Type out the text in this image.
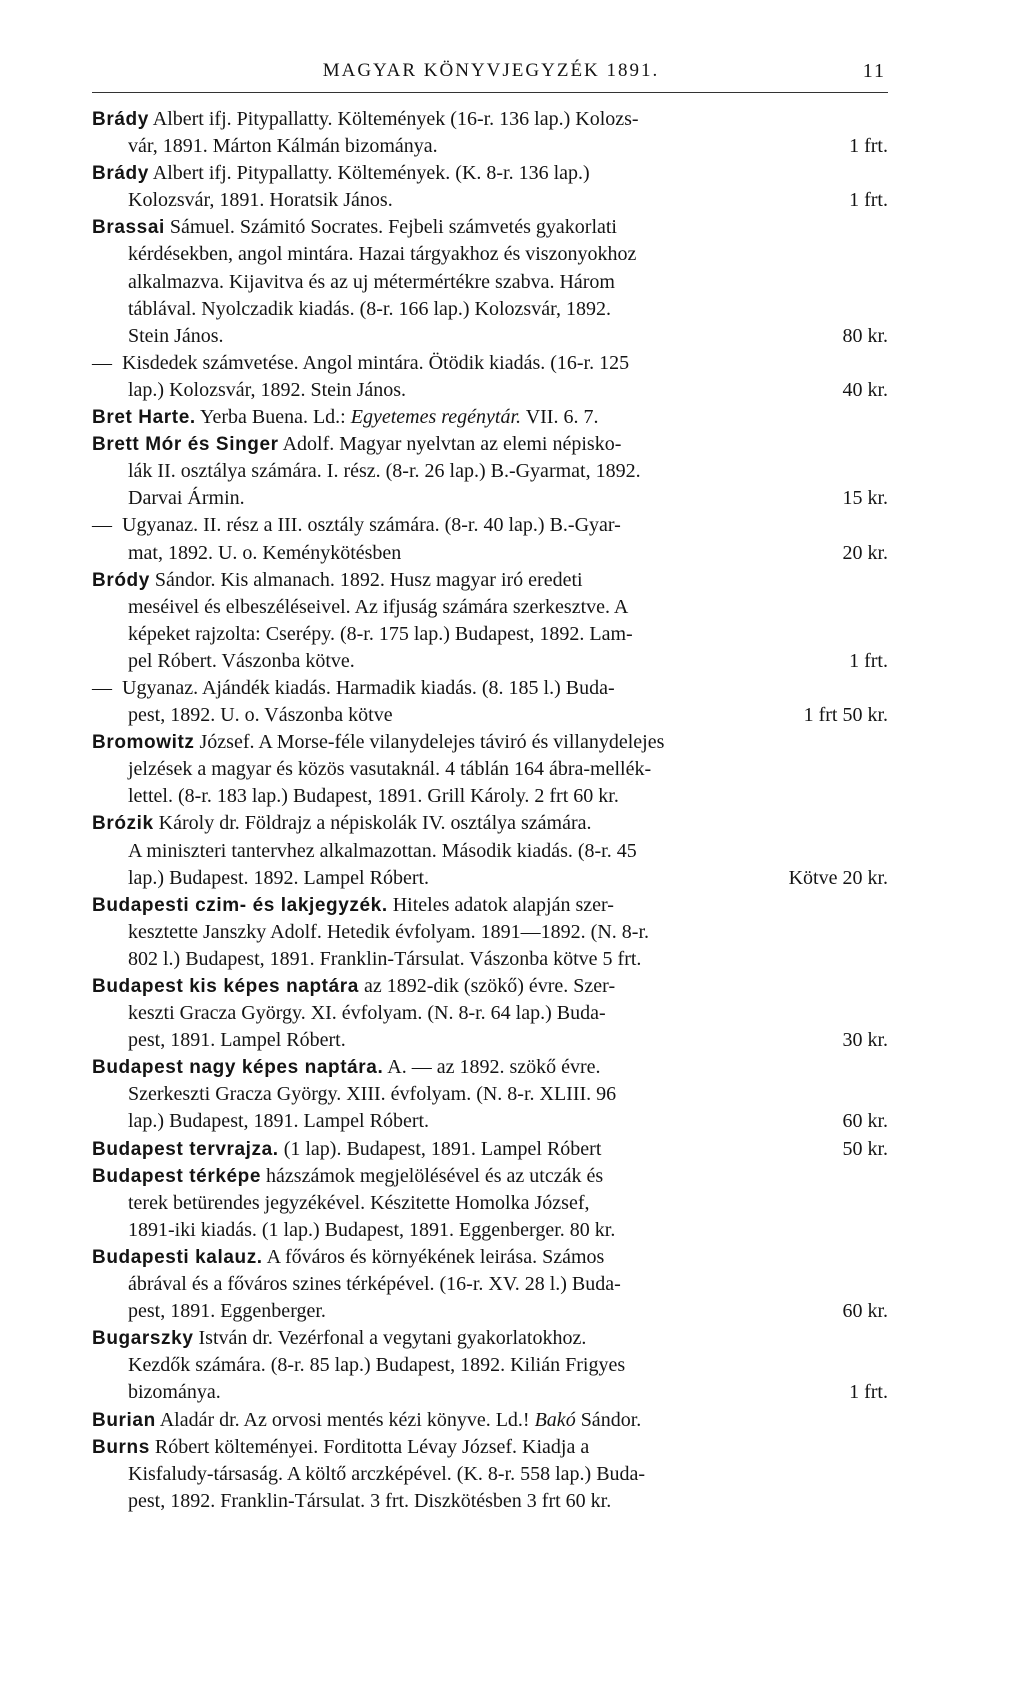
MAGYAR KÖNYVJEGYZÉK 1891.	11
Brády Albert ifj. Pitypallatty. Költemények (16-r. 136 lap.) Kolozs-
vár, 1891. Márton Kálmán bizománya.	1 frt.
Brády Albert ifj. Pitypallatty. Költemények. (K. 8-r. 136 lap.)
Kolozsvár, 1891. Horatsik János.	1 frt.
Brassai Sámuel. Számitó Socrates. Fejbeli számvetés gyakorlati
kérdésekben, angol mintára. Hazai tárgyakhoz és viszonyokhoz
alkalmazva. Kijavitva és az uj métermértékre szabva. Három
táblával. Nyolczadik kiadás. (8-r. 166 lap.) Kolozsvár, 1892.
Stein János.	80 kr.
— Kisdedek számvetése. Angol mintára. Ötödik kiadás. (16-r. 125
lap.) Kolozsvár, 1892. Stein János.	40 kr.
Bret Harte. Yerba Buena. Ld.: Egyetemes regénytár. VII. 6. 7.
Brett Mór és Singer Adolf. Magyar nyelvtan az elemi népisko-
lák II. osztálya számára. I. rész. (8-r. 26 lap.) B.-Gyarmat, 1892.
Darvai Ármin.	15 kr.
— Ugyanaz. II. rész a III. osztály számára. (8-r. 40 lap.) B.-Gyar-
mat, 1892. U. o. Keménykötésben	20 kr.
Bródy Sándor. Kis almanach. 1892. Husz magyar iró eredeti
meséivel és elbeszéléseivel. Az ifjuság számára szerkesztve. A
képeket rajzolta: Cserépy. (8-r. 175 lap.) Budapest, 1892. Lam-
pel Róbert. Vászonba kötve.	1 frt.
— Ugyanaz. Ajándék kiadás. Harmadik kiadás. (8. 185 l.) Buda-
pest, 1892. U. o. Vászonba kötve	1 frt 50 kr.
Bromowitz József. A Morse-féle vilanydelejes táviró és villanydelejes
jelzések a magyar és közös vasutaknál. 4 táblán 164 ábra-mellék-
lettel. (8-r. 183 lap.) Budapest, 1891. Grill Károly. 2 frt 60 kr.
Brózik Károly dr. Földrajz a népiskolák IV. osztálya számára.
A miniszteri tantervhez alkalmazottan. Második kiadás. (8-r. 45
lap.) Budapest. 1892. Lampel Róbert.	Kötve 20 kr.
Budapesti czim- és lakjegyzék. Hiteles adatok alapján szer-
kesztette Janszky Adolf. Hetedik évfolyam. 1891—1892. (N. 8-r.
802 l.) Budapest, 1891. Franklin-Társulat. Vászonba kötve 5 frt.
Budapest kis képes naptára az 1892-dik (szökő) évre. Szer-
keszti Gracza György. XI. évfolyam. (N. 8-r. 64 lap.) Buda-
pest, 1891. Lampel Róbert.	30 kr.
Budapest nagy képes naptára. A. — az 1892. szökő évre.
Szerkeszti Gracza György. XIII. évfolyam. (N. 8-r. XLIII. 96
lap.) Budapest, 1891. Lampel Róbert.	60 kr.
Budapest tervrajza. (1 lap). Budapest, 1891. Lampel Róbert	50 kr.
Budapest térképe házszámok megjelölésével és az utczák és
terek betürendes jegyzékével. Készitette Homolka József,
1891-iki kiadás. (1 lap.) Budapest, 1891. Eggenberger. 80 kr.
Budapesti kalauz. A főváros és környékének leirása. Számos
ábrával és a főváros szines térképével. (16-r. XV. 28 l.) Buda-
pest, 1891. Eggenberger.	60 kr.
Bugarszky István dr. Vezérfonal a vegytani gyakorlatokhoz.
Kezdők számára. (8-r. 85 lap.) Budapest, 1892. Kilián Frigyes
bizománya.	1 frt.
Burian Aladár dr. Az orvosi mentés kézi könyve. Ld.! Bakó Sándor.
Burns Róbert költeményei. Forditotta Lévay József. Kiadja a
Kisfaludy-társaság. A költő arczképével. (K. 8-r. 558 lap.) Buda-
pest, 1892. Franklin-Társulat. 3 frt. Diszkötésben 3 frt 60 kr.
